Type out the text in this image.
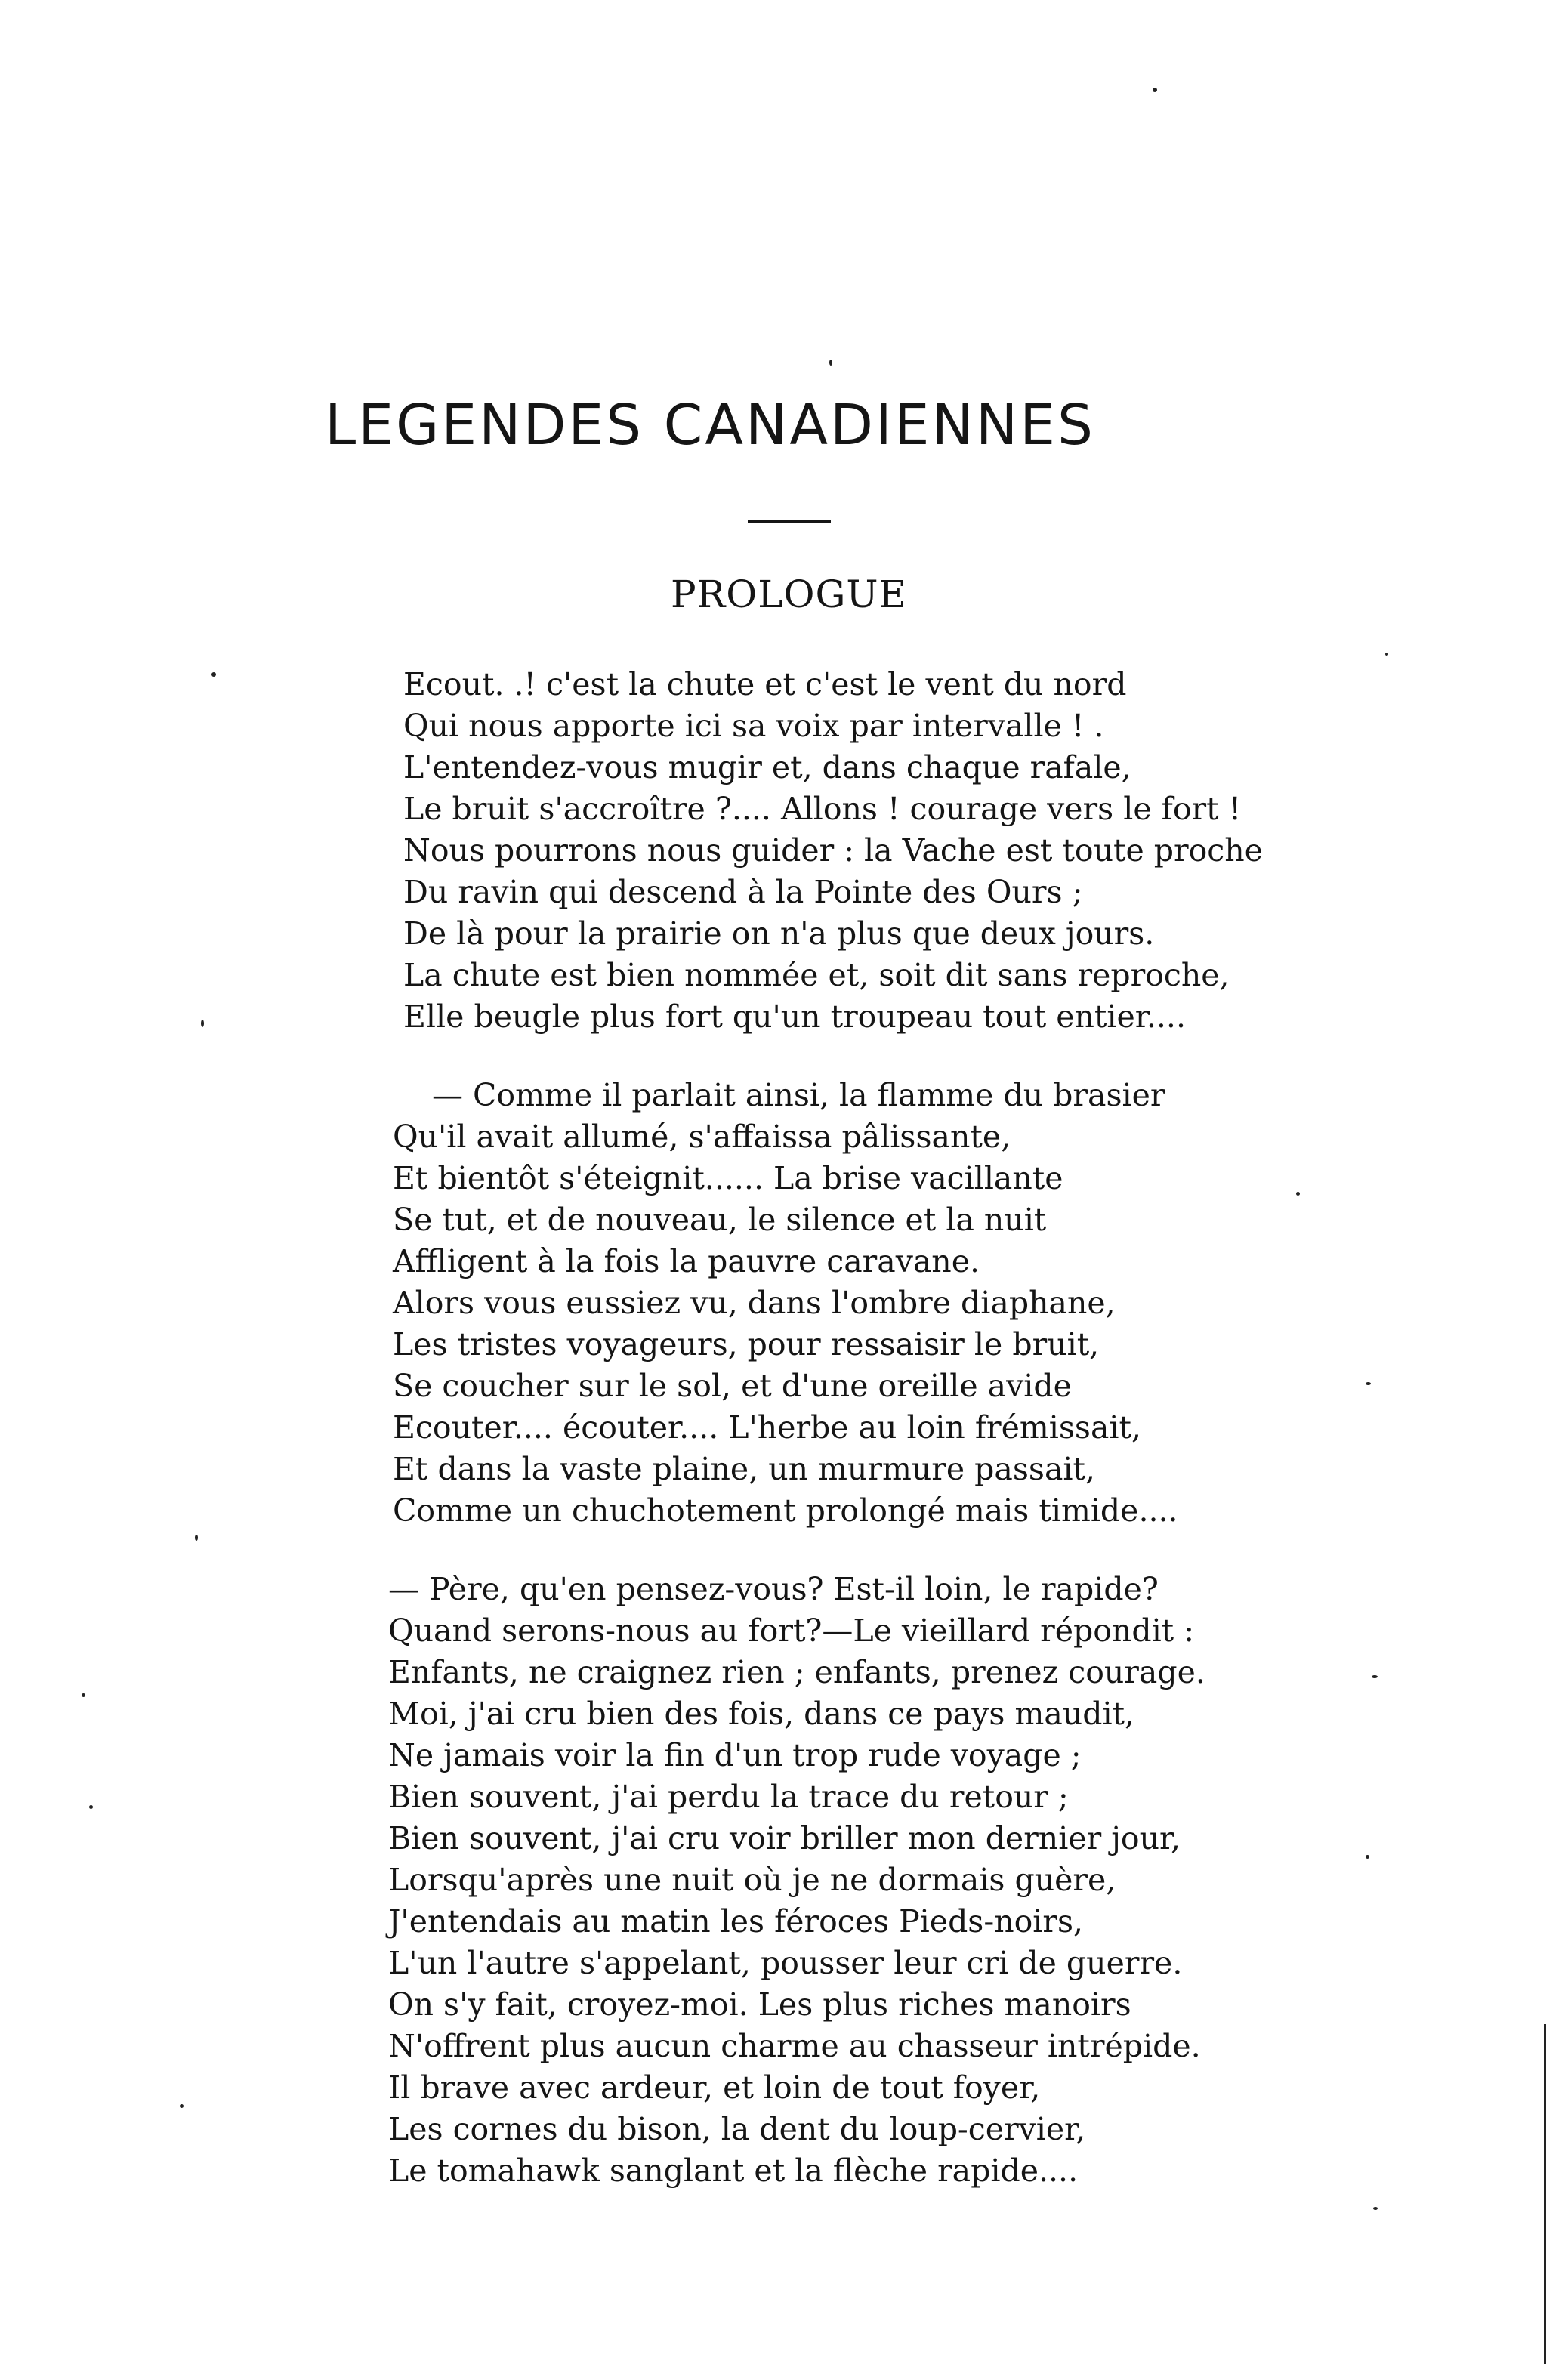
LEGENDES CANADIENNES
PROLOGUE
Ecout. .! c'est la chute et c'est le vent du nord
Qui nous apporte ici sa voix par intervalle ! .
L'entendez-vous mugir et, dans chaque rafale,
Le bruit s'accroître ?.... Allons ! courage vers le fort !
Nous pourrons nous guider : la Vache est toute proche
Du ravin qui descend à la Pointe des Ours ;
De là pour la prairie on n'a plus que deux jours.
La chute est bien nommée et, soit dit sans reproche,
Elle beugle plus fort qu'un troupeau tout entier....
— Comme il parlait ainsi, la flamme du brasier
Qu'il avait allumé, s'affaissa pâlissante,
Et bientôt s'éteignit...... La brise vacillante
Se tut, et de nouveau, le silence et la nuit
Affligent à la fois la pauvre caravane.
Alors vous eussiez vu, dans l'ombre diaphane,
Les tristes voyageurs, pour ressaisir le bruit,
Se coucher sur le sol, et d'une oreille avide
Ecouter.... écouter.... L'herbe au loin frémissait,
Et dans la vaste plaine, un murmure passait,
Comme un chuchotement prolongé mais timide....
— Père, qu'en pensez-vous? Est-il loin, le rapide?
Quand serons-nous au fort?—Le vieillard répondit :
Enfants, ne craignez rien ; enfants, prenez courage.
Moi, j'ai cru bien des fois, dans ce pays maudit,
Ne jamais voir la fin d'un trop rude voyage ;
Bien souvent, j'ai perdu la trace du retour ;
Bien souvent, j'ai cru voir briller mon dernier jour,
Lorsqu'après une nuit où je ne dormais guère,
J'entendais au matin les féroces Pieds-noirs,
L'un l'autre s'appelant, pousser leur cri de guerre.
On s'y fait, croyez-moi. Les plus riches manoirs
N'offrent plus aucun charme au chasseur intrépide.
Il brave avec ardeur, et loin de tout foyer,
Les cornes du bison, la dent du loup-cervier,
Le tomahawk sanglant et la flèche rapide....
